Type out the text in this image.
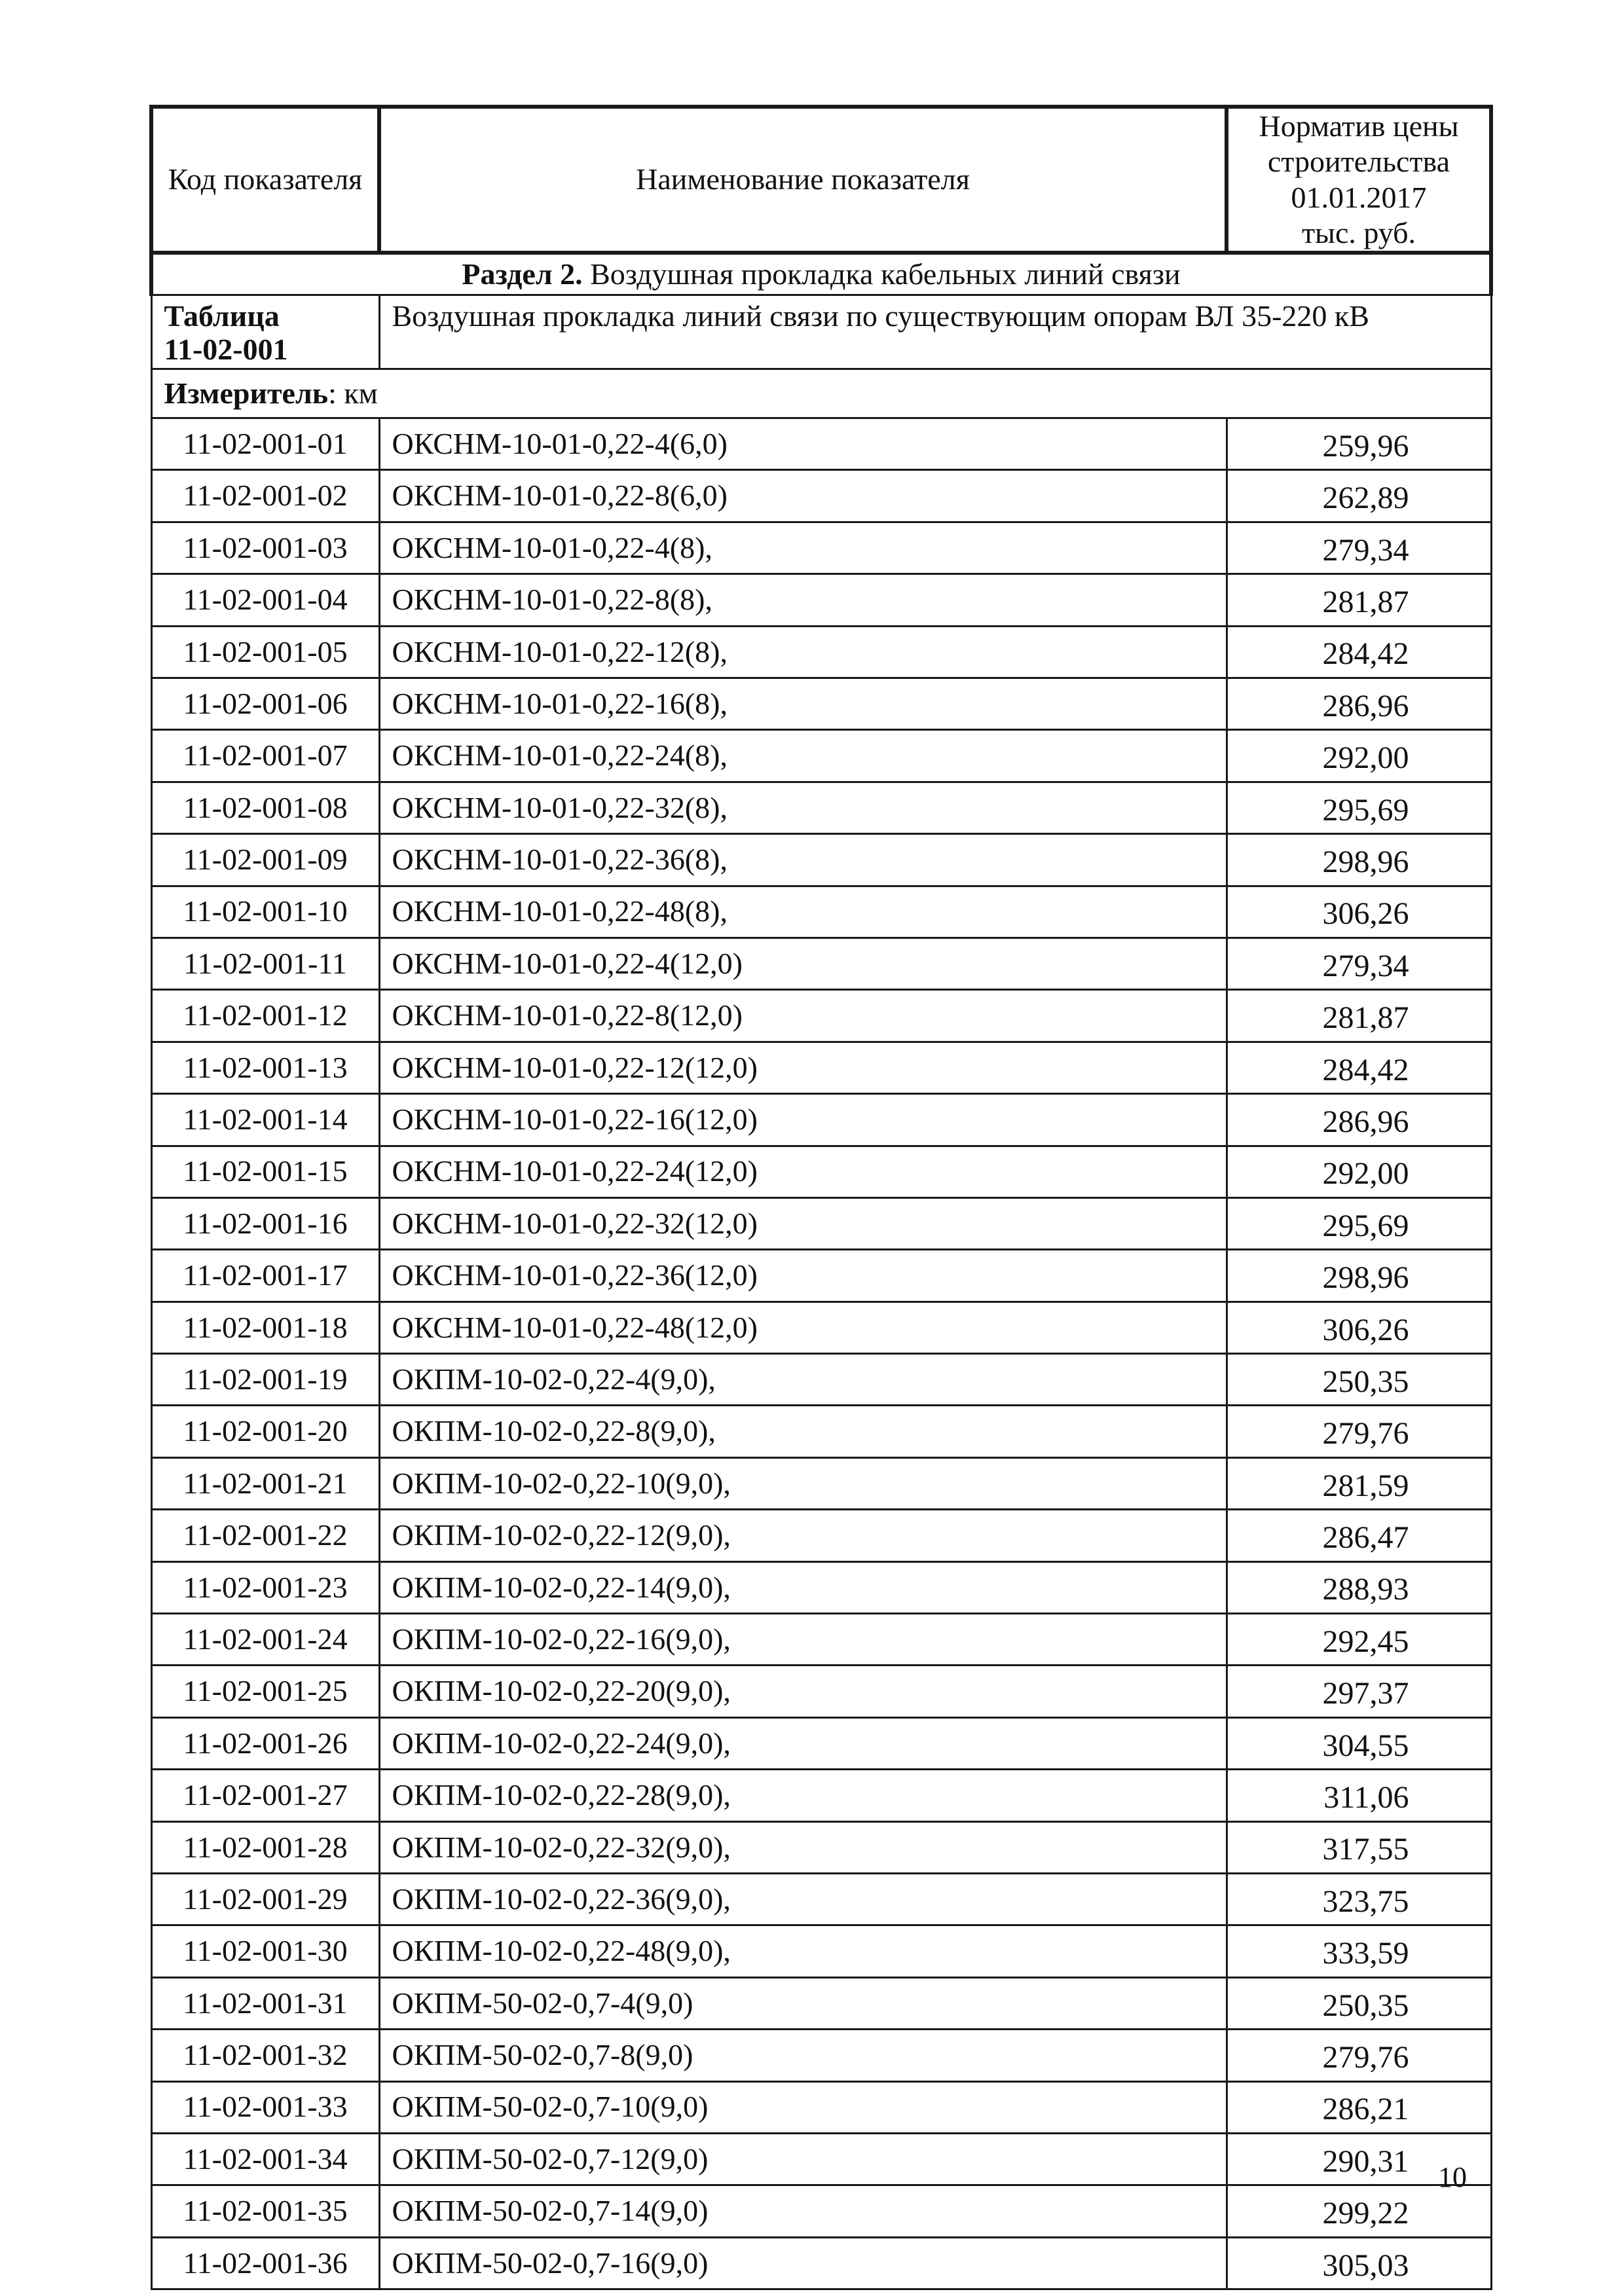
Код показателя	Наименование показателя	Норматив цены
строительства
01.01.2017
тыс. руб.
Раздел 2. Воздушная прокладка кабельных линий связи		
Таблица
11-02-001	Воздушная прокладка линий связи по существующим опорам ВЛ 35-220 кВ	
Измеритель: км		
11-02-001-01	ОКСНМ-10-01-0,22-4(6,0)	259,96
11-02-001-02	ОКСНМ-10-01-0,22-8(6,0)	262,89
11-02-001-03	ОКСНМ-10-01-0,22-4(8),	279,34
11-02-001-04	ОКСНМ-10-01-0,22-8(8),	281,87
11-02-001-05	ОКСНМ-10-01-0,22-12(8),	284,42
11-02-001-06	ОКСНМ-10-01-0,22-16(8),	286,96
11-02-001-07	ОКСНМ-10-01-0,22-24(8),	292,00
11-02-001-08	ОКСНМ-10-01-0,22-32(8),	295,69
11-02-001-09	ОКСНМ-10-01-0,22-36(8),	298,96
11-02-001-10	ОКСНМ-10-01-0,22-48(8),	306,26
11-02-001-11	ОКСНМ-10-01-0,22-4(12,0)	279,34
11-02-001-12	ОКСНМ-10-01-0,22-8(12,0)	281,87
11-02-001-13	ОКСНМ-10-01-0,22-12(12,0)	284,42
11-02-001-14	ОКСНМ-10-01-0,22-16(12,0)	286,96
11-02-001-15	ОКСНМ-10-01-0,22-24(12,0)	292,00
11-02-001-16	ОКСНМ-10-01-0,22-32(12,0)	295,69
11-02-001-17	ОКСНМ-10-01-0,22-36(12,0)	298,96
11-02-001-18	ОКСНМ-10-01-0,22-48(12,0)	306,26
11-02-001-19	ОКПМ-10-02-0,22-4(9,0),	250,35
11-02-001-20	ОКПМ-10-02-0,22-8(9,0),	279,76
11-02-001-21	ОКПМ-10-02-0,22-10(9,0),	281,59
11-02-001-22	ОКПМ-10-02-0,22-12(9,0),	286,47
11-02-001-23	ОКПМ-10-02-0,22-14(9,0),	288,93
11-02-001-24	ОКПМ-10-02-0,22-16(9,0),	292,45
11-02-001-25	ОКПМ-10-02-0,22-20(9,0),	297,37
11-02-001-26	ОКПМ-10-02-0,22-24(9,0),	304,55
11-02-001-27	ОКПМ-10-02-0,22-28(9,0),	311,06
11-02-001-28	ОКПМ-10-02-0,22-32(9,0),	317,55
11-02-001-29	ОКПМ-10-02-0,22-36(9,0),	323,75
11-02-001-30	ОКПМ-10-02-0,22-48(9,0),	333,59
11-02-001-31	ОКПМ-50-02-0,7-4(9,0)	250,35
11-02-001-32	ОКПМ-50-02-0,7-8(9,0)	279,76
11-02-001-33	ОКПМ-50-02-0,7-10(9,0)	286,21
11-02-001-34	ОКПМ-50-02-0,7-12(9,0)	290,31
11-02-001-35	ОКПМ-50-02-0,7-14(9,0)	299,22
11-02-001-36	ОКПМ-50-02-0,7-16(9,0)	305,03
10
